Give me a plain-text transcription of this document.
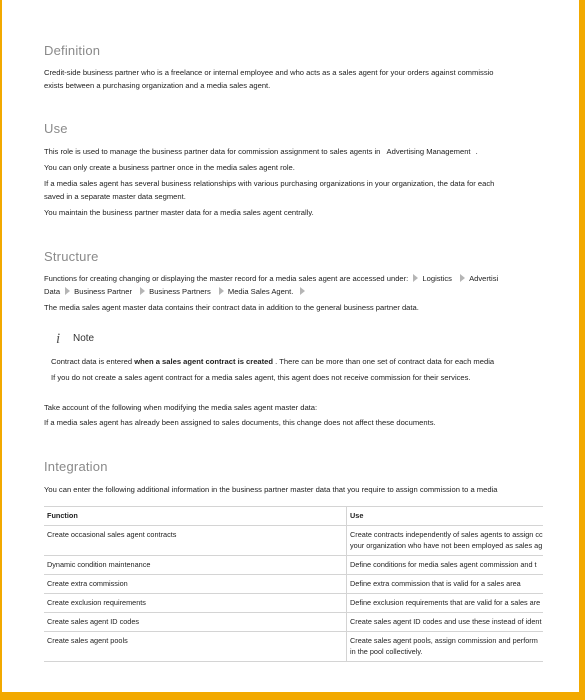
Definition
Credit-side business partner who is a freelance or internal employee and who acts as a sales agent for your orders against commissio
exists between a purchasing organization and a media sales agent.
Use
This role is used to manage the business partner data for commission assignment to sales agents in Advertising Management .
You can only create a business partner once in the media sales agent role.
If a media sales agent has several business relationships with various purchasing organizations in your organization, the data for each
saved in a separate master data segment.
You maintain the business partner master data for a media sales agent centrally.
Structure
Functions for creating changing or displaying the master record for a media sales agent are accessed under: Logistics Advertisi
Data Business Partner Business Partners Media Sales Agent.
The media sales agent master data contains their contract data in addition to the general business partner data.
i Note
Contract data is entered when a sales agent contract is created . There can be more than one set of contract data for each media
If you do not create a sales agent contract for a media sales agent, this agent does not receive commission for their services.
Take account of the following when modifying the media sales agent master data:
If a media sales agent has already been assigned to sales documents, this change does not affect these documents.
Integration
You can enter the following additional information in the business partner master data that you require to assign commission to a media
Function	Use
Create occasional sales agent contracts	Create contracts independently of sales agents to assign cc
your organization who have not been employed as sales ag

Dynamic condition maintenance	Define conditions for media sales agent commission and t
Create extra commission	Define extra commission that is valid for a sales area
Create exclusion requirements	Define exclusion requirements that are valid for a sales are
Create sales agent ID codes	Create sales agent ID codes and use these instead of ident
Create sales agent pools	Create sales agent pools, assign commission and perform
in the pool collectively.
